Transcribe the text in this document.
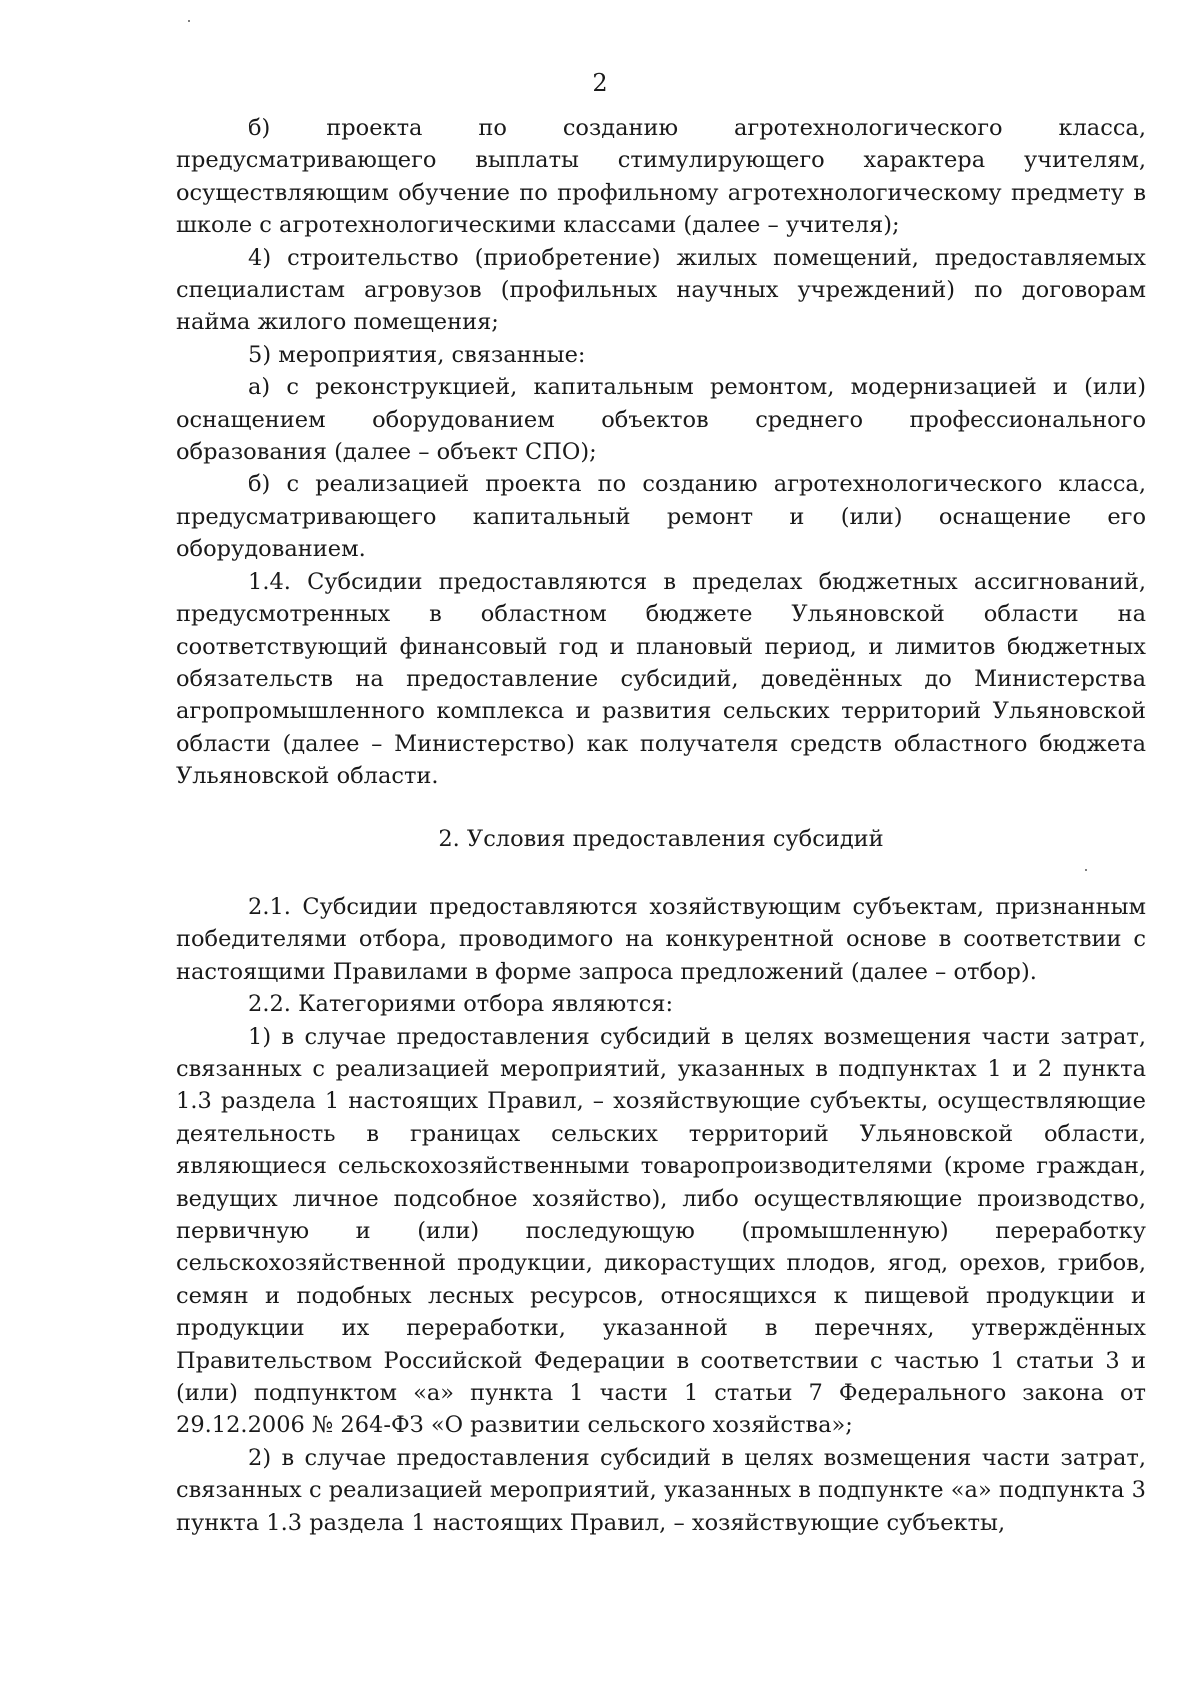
2

б) проекта по созданию агротехнологического класса, предусматривающего выплаты стимулирующего характера учителям, осуществляющим обучение по профильному агротехнологическому предмету в школе с агротехнологическими классами (далее – учителя);

4) строительство (приобретение) жилых помещений, предоставляемых специалистам агровузов (профильных научных учреждений) по договорам найма жилого помещения;

5) мероприятия, связанные:

а) с реконструкцией, капитальным ремонтом, модернизацией и (или) оснащением оборудованием объектов среднего профессионального образования (далее – объект СПО);

б) с реализацией проекта по созданию агротехнологического класса, предусматривающего капитальный ремонт и (или) оснащение его оборудованием.

1.4. Субсидии предоставляются в пределах бюджетных ассигнований, предусмотренных в областном бюджете Ульяновской области на соответствующий финансовый год и плановый период, и лимитов бюджетных обязательств на предоставление субсидий, доведённых до Министерства агропромышленного комплекса и развития сельских территорий Ульяновской области (далее – Министерство) как получателя средств областного бюджета Ульяновской области.

2. Условия предоставления субсидий

2.1. Субсидии предоставляются хозяйствующим субъектам, признанным победителями отбора, проводимого на конкурентной основе в соответствии с настоящими Правилами в форме запроса предложений (далее – отбор).

2.2. Категориями отбора являются:

1) в случае предоставления субсидий в целях возмещения части затрат, связанных с реализацией мероприятий, указанных в подпунктах 1 и 2 пункта 1.3 раздела 1 настоящих Правил, – хозяйствующие субъекты, осуществляющие деятельность в границах сельских территорий Ульяновской области, являющиеся сельскохозяйственными товаропроизводителями (кроме граждан, ведущих личное подсобное хозяйство), либо осуществляющие производство, первичную и (или) последующую (промышленную) переработку сельскохозяйственной продукции, дикорастущих плодов, ягод, орехов, грибов, семян и подобных лесных ресурсов, относящихся к пищевой продукции и продукции их переработки, указанной в перечнях, утверждённых Правительством Российской Федерации в соответствии с частью 1 статьи 3 и (или) подпунктом «а» пункта 1 части 1 статьи 7 Федерального закона от 29.12.2006 № 264-ФЗ «О развитии сельского хозяйства»;

2) в случае предоставления субсидий в целях возмещения части затрат, связанных с реализацией мероприятий, указанных в подпункте «а» подпункта 3 пункта 1.3 раздела 1 настоящих Правил, – хозяйствующие субъекты,
